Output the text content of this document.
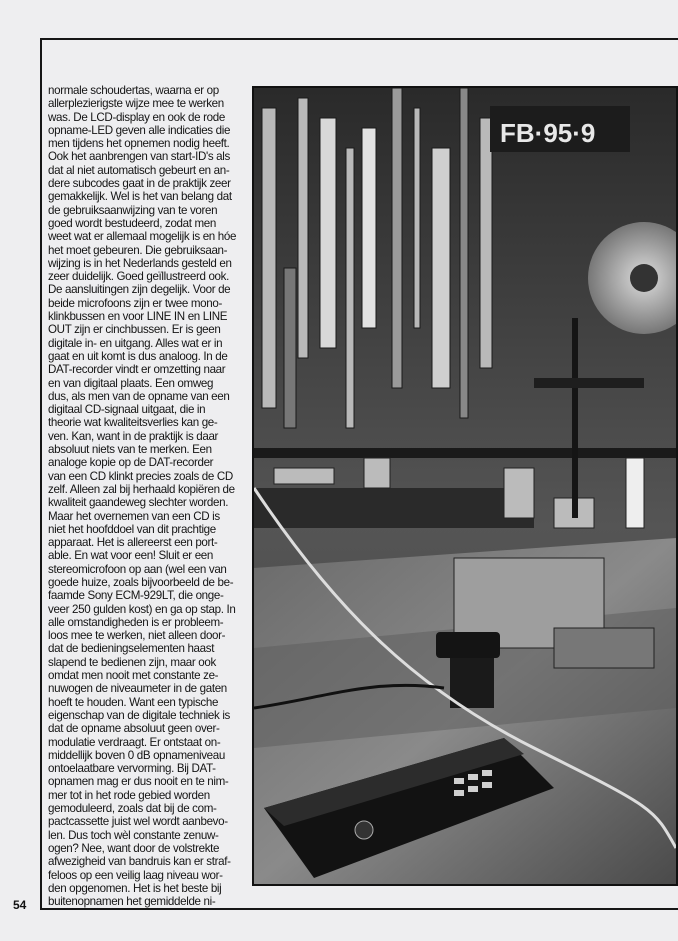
54
normale schoudertas, waarna er op
allerplezierigste wijze mee te werken
was. De LCD-display en ook de rode
opname-LED geven alle indicaties die
men tijdens het opnemen nodig heeft.
Ook het aanbrengen van start-ID's als
dat al niet automatisch gebeurt en an-
dere subcodes gaat in de praktijk zeer
gemakkelijk. Wel is het van belang dat
de gebruiksaanwijzing van te voren
goed wordt bestudeerd, zodat men
weet wat er allemaal mogelijk is en hóe
het moet gebeuren. Die gebruiksaan-
wijzing is in het Nederlands gesteld en
zeer duidelijk. Goed geïllustreerd ook.
De aansluitingen zijn degelijk. Voor de
beide microfoons zijn er twee mono-
klinkbussen en voor LINE IN en LINE
OUT zijn er cinchbussen. Er is geen
digitale in- en uitgang. Alles wat er in
gaat en uit komt is dus analoog. In de
DAT-recorder vindt er omzetting naar
en van digitaal plaats. Een omweg
dus, als men van de opname van een
digitaal CD-signaal uitgaat, die in
theorie wat kwaliteitsverlies kan ge-
ven. Kan, want in de praktijk is daar
absoluut niets van te merken. Een
analoge kopie op de DAT-recorder
van een CD klinkt precies zoals de CD
zelf. Alleen zal bij herhaald kopiëren de
kwaliteit gaandeweg slechter worden.
Maar het overnemen van een CD is
niet het hoofddoel van dit prachtige
apparaat. Het is allereerst een port-
able. En wat voor een! Sluit er een
stereomicrofoon op aan (wel een van
goede huize, zoals bijvoorbeeld de be-
faamde Sony ECM-929LT, die onge-
veer 250 gulden kost) en ga op stap. In
alle omstandigheden is er probleem-
loos mee te werken, niet alleen door-
dat de bedieningselementen haast
slapend te bedienen zijn, maar ook
omdat men nooit met constante ze-
nuwogen de niveaumeter in de gaten
hoeft te houden. Want een typische
eigenschap van de digitale techniek is
dat de opname absoluut geen over-
modulatie verdraagt. Er ontstaat on-
middellijk boven 0 dB opnameniveau
ontoelaatbare vervorming. Bij DAT-
opnamen mag er dus nooit en te nim-
mer tot in het rode gebied worden
gemoduleerd, zoals dat bij de com-
pactcassette juist wel wordt aanbevo-
len. Dus toch wèl constante zenuw-
ogen? Nee, want door de volstrekte
afwezigheid van bandruis kan er straf-
feloos op een veilig laag niveau wor-
den opgenomen. Het is het beste bij
buitenopnamen het gemiddelde ni-
FB·95·9
